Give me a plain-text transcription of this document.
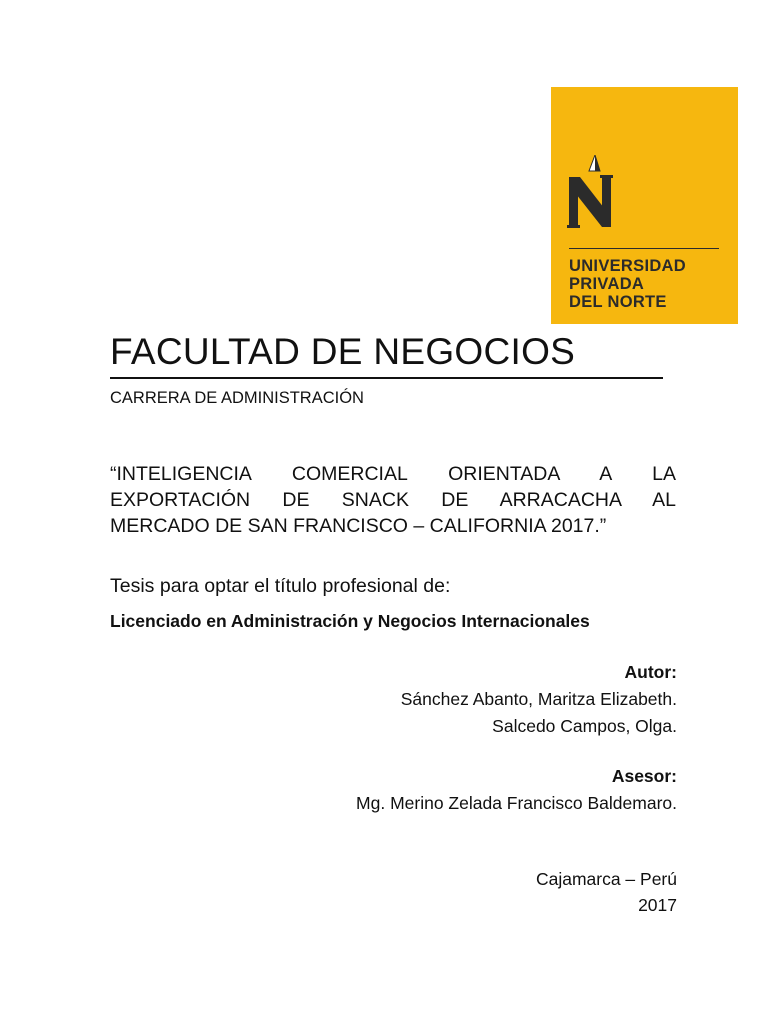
UNIVERSIDAD
PRIVADA
DEL NORTE
FACULTAD DE NEGOCIOS
CARRERA DE ADMINISTRACIÓN
“INTELIGENCIA COMERCIAL ORIENTADA A LA
EXPORTACIÓN DE SNACK DE ARRACACHA AL
MERCADO DE SAN FRANCISCO – CALIFORNIA 2017.”
Tesis para optar el título profesional de:
Licenciado en Administración y Negocios Internacionales
Autor:
Sánchez Abanto, Maritza Elizabeth.
Salcedo Campos, Olga.
Asesor:
Mg. Merino Zelada Francisco Baldemaro.
Cajamarca – Perú
2017
